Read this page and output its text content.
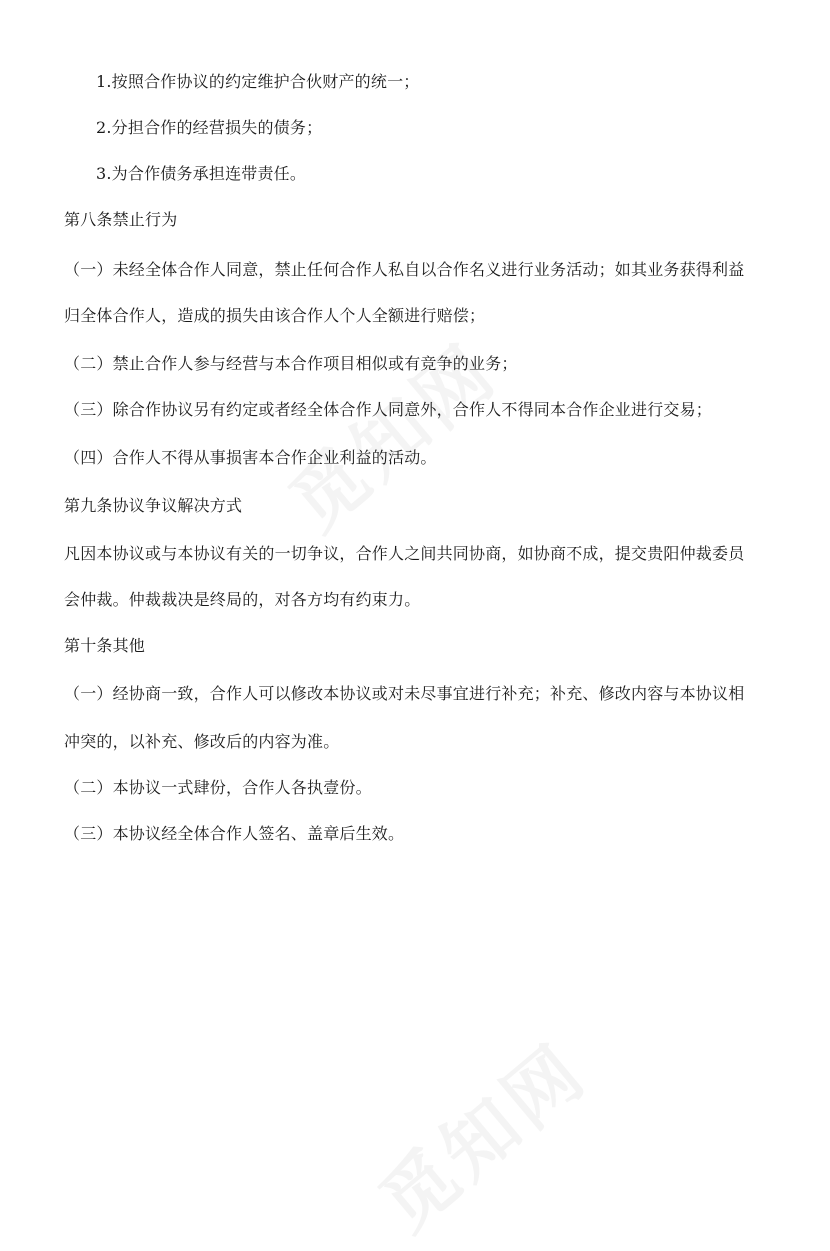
1.按照合作协议的约定维护合伙财产的统一；
2.分担合作的经营损失的债务；
3.为合作债务承担连带责任。
第八条禁止行为
（一）未经全体合作人同意，禁止任何合作人私自以合作名义进行业务活动；如其业务获得利益
归全体合作人，造成的损失由该合作人个人全额进行赔偿；
（二）禁止合作人参与经营与本合作项目相似或有竞争的业务；
（三）除合作协议另有约定或者经全体合作人同意外，合作人不得同本合作企业进行交易；
（四）合作人不得从事损害本合作企业利益的活动。
第九条协议争议解决方式
凡因本协议或与本协议有关的一切争议，合作人之间共同协商，如协商不成，提交贵阳仲裁委员
会仲裁。仲裁裁决是终局的，对各方均有约束力。
第十条其他
（一）经协商一致，合作人可以修改本协议或对未尽事宜进行补充；补充、修改内容与本协议相
冲突的，以补充、修改后的内容为准。
（二）本协议一式肆份，合作人各执壹份。
（三）本协议经全体合作人签名、盖章后生效。
